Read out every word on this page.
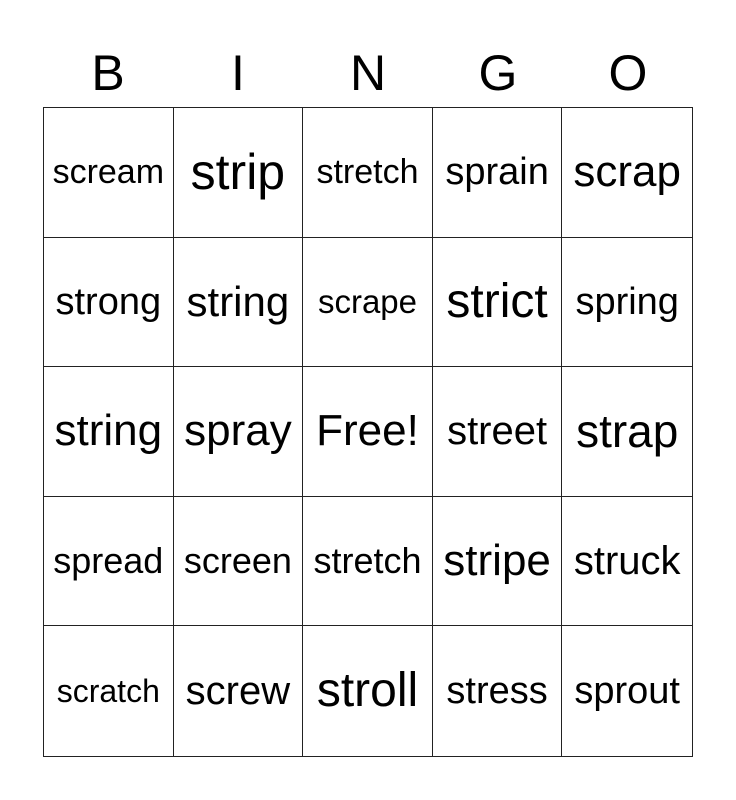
B	I	N	G	O
scream strip stretch sprain scrap
strong string scrape strict spring
string spray Free! street strap
spread screen stretch stripe struck
scratch screw stroll stress sprout
